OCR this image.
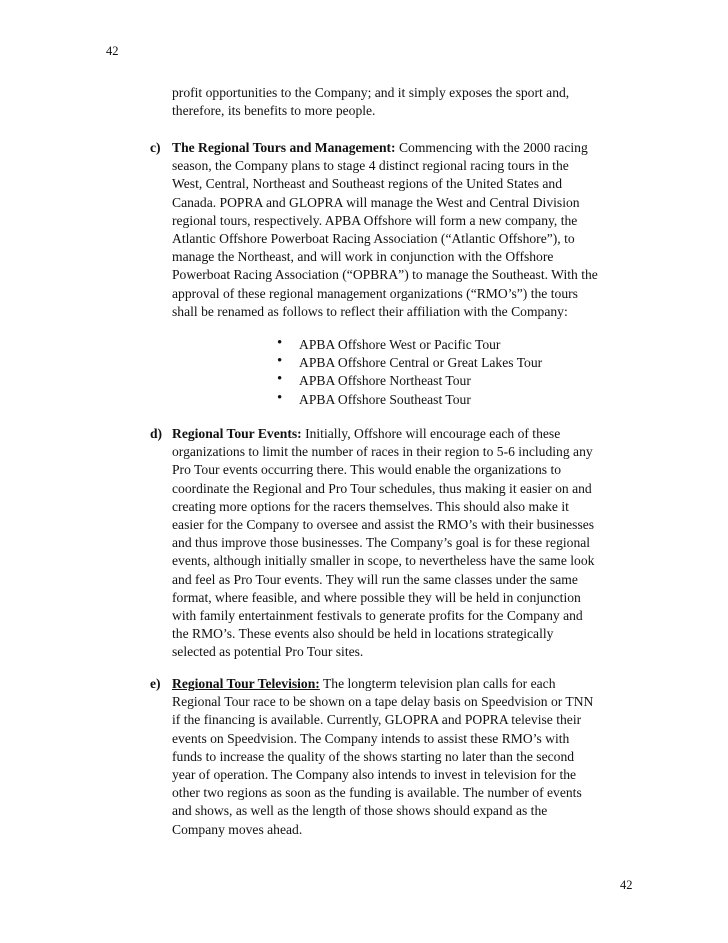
42
profit opportunities to the Company; and it simply exposes the sport and,
therefore, its benefits to more people.
c) The Regional Tours and Management: Commencing with the 2000 racing
season, the Company plans to stage 4 distinct regional racing tours in the
West, Central, Northeast and Southeast regions of the United States and
Canada. POPRA and GLOPRA will manage the West and Central Division
regional tours, respectively. APBA Offshore will form a new company, the
Atlantic Offshore Powerboat Racing Association (“Atlantic Offshore”), to
manage the Northeast, and will work in conjunction with the Offshore
Powerboat Racing Association (“OPBRA”) to manage the Southeast. With the
approval of these regional management organizations (“RMO’s”) the tours
shall be renamed as follows to reflect their affiliation with the Company:
• APBA Offshore West or Pacific Tour
• APBA Offshore Central or Great Lakes Tour
• APBA Offshore Northeast Tour
• APBA Offshore Southeast Tour
d) Regional Tour Events: Initially, Offshore will encourage each of these
organizations to limit the number of races in their region to 5-6 including any
Pro Tour events occurring there. This would enable the organizations to
coordinate the Regional and Pro Tour schedules, thus making it easier on and
creating more options for the racers themselves. This should also make it
easier for the Company to oversee and assist the RMO’s with their businesses
and thus improve those businesses. The Company’s goal is for these regional
events, although initially smaller in scope, to nevertheless have the same look
and feel as Pro Tour events. They will run the same classes under the same
format, where feasible, and where possible they will be held in conjunction
with family entertainment festivals to generate profits for the Company and
the RMO’s. These events also should be held in locations strategically
selected as potential Pro Tour sites.
e) Regional Tour Television: The longterm television plan calls for each
Regional Tour race to be shown on a tape delay basis on Speedvision or TNN
if the financing is available. Currently, GLOPRA and POPRA televise their
events on Speedvision. The Company intends to assist these RMO’s with
funds to increase the quality of the shows starting no later than the second
year of operation. The Company also intends to invest in television for the
other two regions as soon as the funding is available. The number of events
and shows, as well as the length of those shows should expand as the
Company moves ahead.
42
